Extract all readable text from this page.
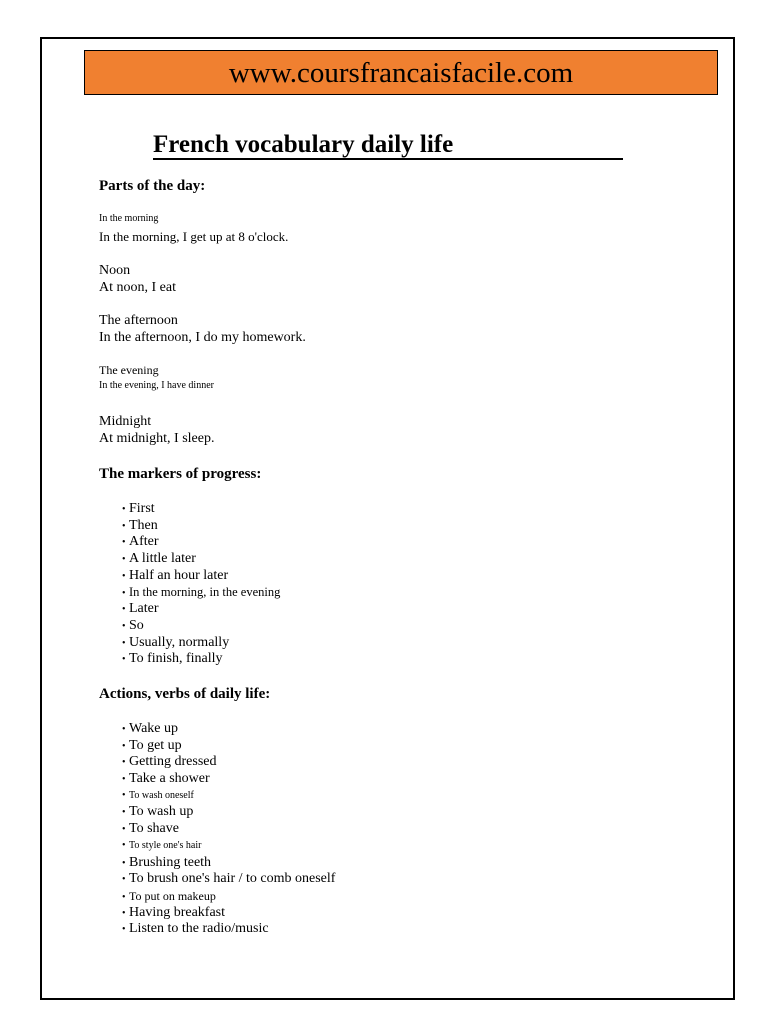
www.coursfrancaisfacile.com
French vocabulary daily life
Parts of the day:
In the morning
In the morning, I get up at 8 o'clock.
Noon
At noon, I eat
The afternoon
In the afternoon, I do my homework.
The evening
In the evening, I have dinner
Midnight
At midnight, I sleep.
The markers of progress:
• First
• Then
• After
• A little later
• Half an hour later
• In the morning, in the evening
• Later
• So
• Usually, normally
• To finish, finally
Actions, verbs of daily life:
• Wake up
• To get up
• Getting dressed
• Take a shower
• To wash oneself
• To wash up
• To shave
• To style one's hair
• Brushing teeth
• To brush one's hair / to comb oneself
• To put on makeup
• Having breakfast
• Listen to the radio/music
